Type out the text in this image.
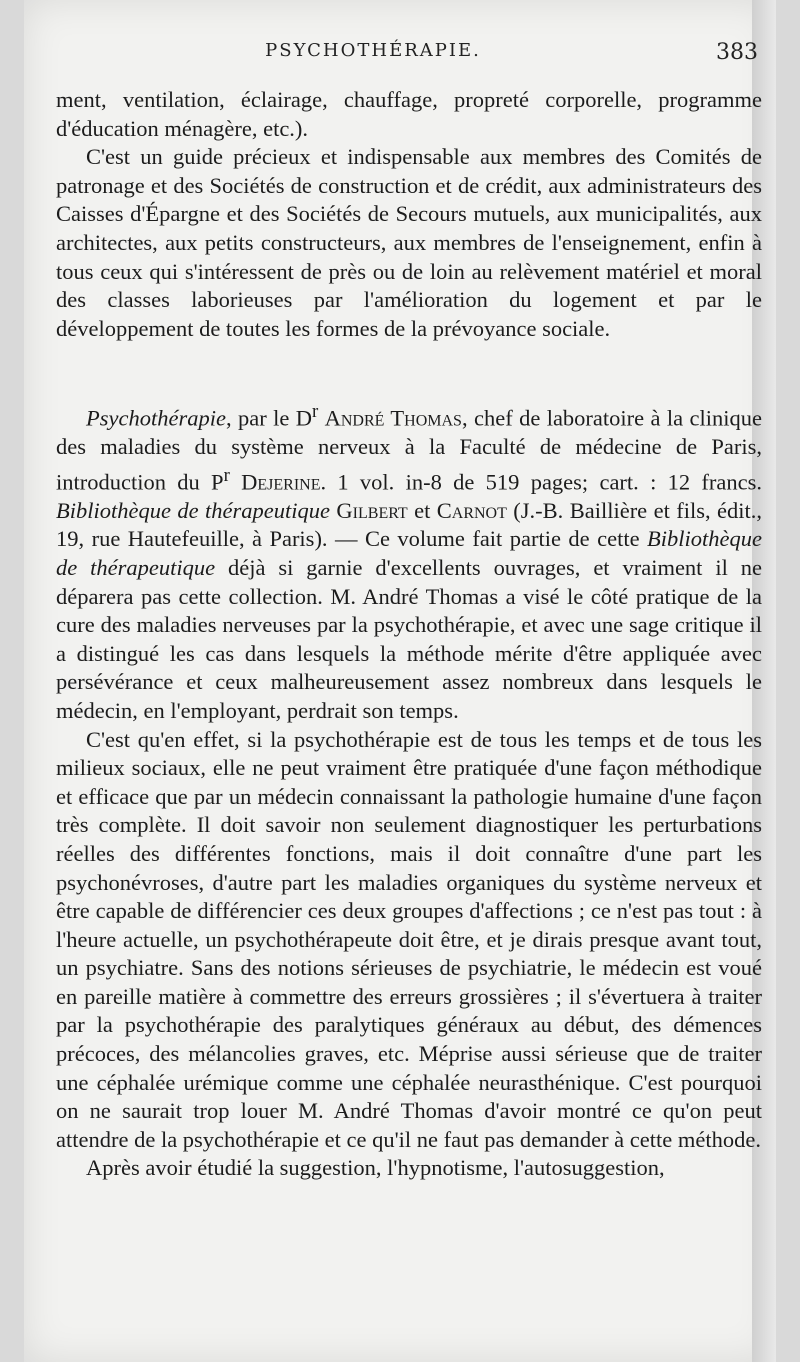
PSYCHOTHÉRAPIE.	383

ment, ventilation, éclairage, chauffage, propreté corporelle, programme d'éducation ménagère, etc.).

C'est un guide précieux et indispensable aux membres des Comités de patronage et des Sociétés de construction et de crédit, aux administrateurs des Caisses d'Épargne et des Sociétés de Secours mutuels, aux municipalités, aux architectes, aux petits constructeurs, aux membres de l'enseignement, enfin à tous ceux qui s'intéressent de près ou de loin au relèvement matériel et moral des classes laborieuses par l'amélioration du logement et par le développement de toutes les formes de la prévoyance sociale.

Psychothérapie, par le $D^r$ André Thomas, chef de laboratoire à la clinique des maladies du système nerveux à la Faculté de médecine de Paris, introduction du $P^r$ Dejerine. 1 vol. in-8 de 519 pages; cart. : 12 francs. Bibliothèque de thérapeutique Gilbert et Carnot (J.-B. Baillière et fils, édit., 19, rue Hautefeuille, à Paris). — Ce volume fait partie de cette Bibliothèque de thérapeutique déjà si garnie d'excellents ouvrages, et vraiment il ne déparera pas cette collection. M. André Thomas a visé le côté pratique de la cure des maladies nerveuses par la psychothérapie, et avec une sage critique il a distingué les cas dans lesquels la méthode mérite d'être appliquée avec persévérance et ceux malheureusement assez nombreux dans lesquels le médecin, en l'employant, perdrait son temps.

C'est qu'en effet, si la psychothérapie est de tous les temps et de tous les milieux sociaux, elle ne peut vraiment être pratiquée d'une façon méthodique et efficace que par un médecin connaissant la pathologie humaine d'une façon très complète. Il doit savoir non seulement diagnostiquer les perturbations réelles des différentes fonctions, mais il doit connaître d'une part les psychonévroses, d'autre part les maladies organiques du système nerveux et être capable de différencier ces deux groupes d'affections ; ce n'est pas tout : à l'heure actuelle, un psychothérapeute doit être, et je dirais presque avant tout, un psychiatre. Sans des notions sérieuses de psychiatrie, le médecin est voué en pareille matière à commettre des erreurs grossières ; il s'évertuera à traiter par la psychothérapie des paralytiques généraux au début, des démences précoces, des mélancolies graves, etc. Méprise aussi sérieuse que de traiter une céphalée urémique comme une céphalée neurasthénique. C'est pourquoi on ne saurait trop louer M. André Thomas d'avoir montré ce qu'on peut attendre de la psychothérapie et ce qu'il ne faut pas demander à cette méthode.

Après avoir étudié la suggestion, l'hypnotisme, l'autosuggestion,
